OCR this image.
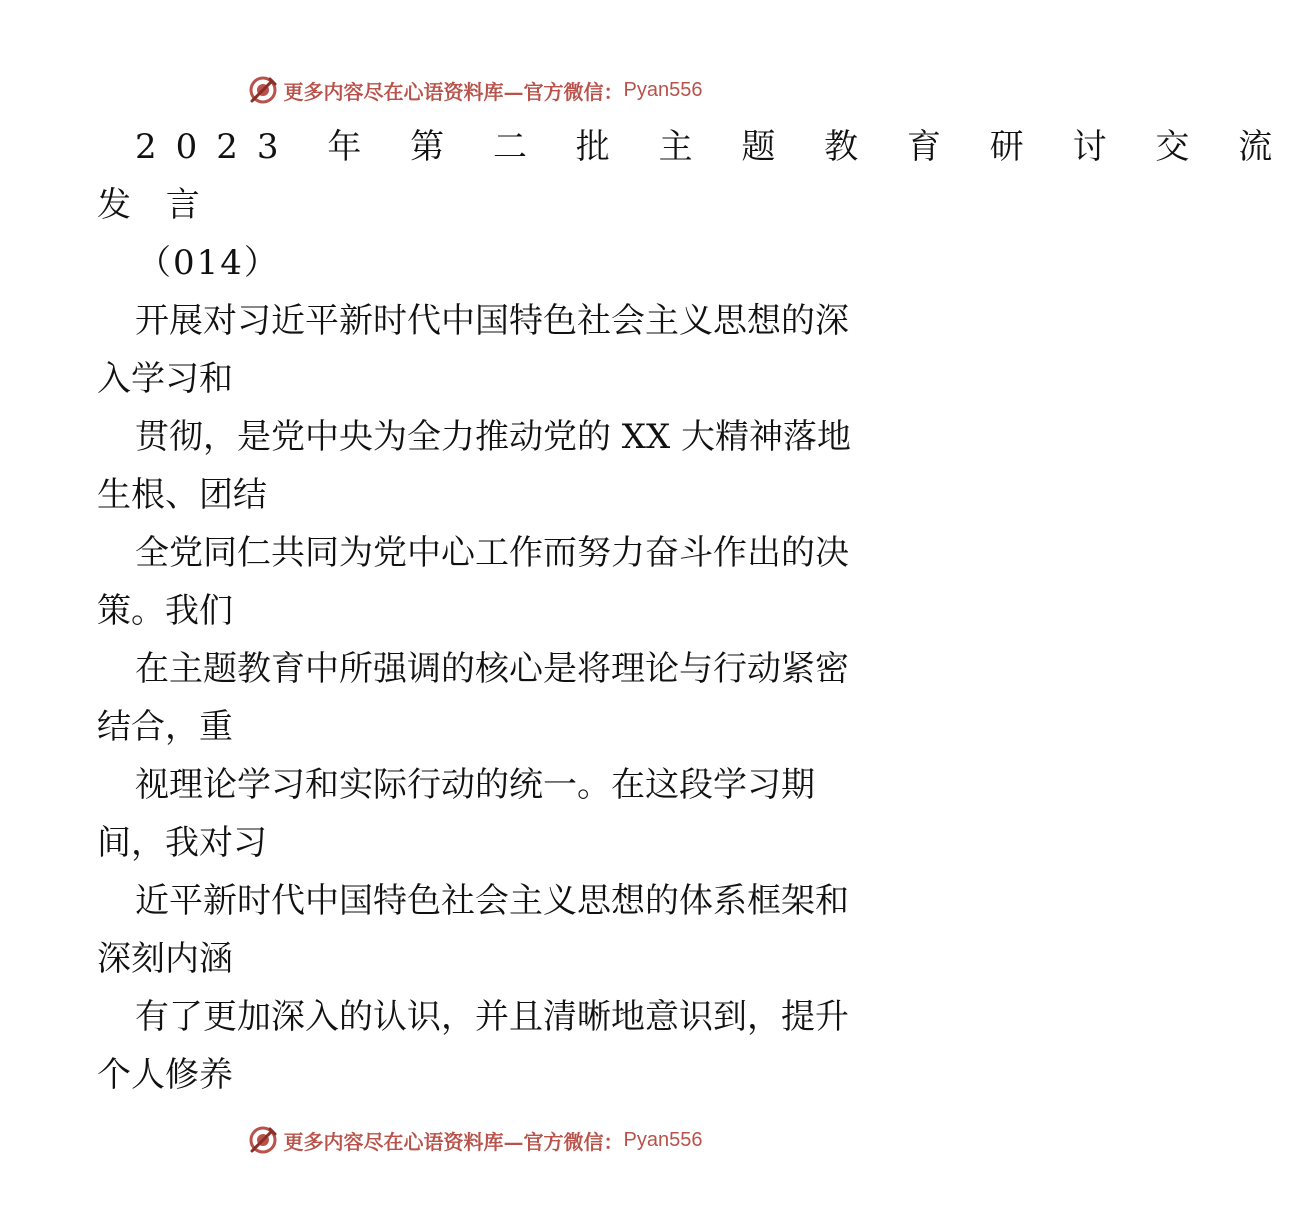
更多内容尽在心语资料库—官方微信： Pyan556
2023 年 第 二 批 主 题 教 育 研 讨 交 流
发 言
（014）
开展对习近平新时代中国特色社会主义思想的深
入学习和
贯彻，是党中央为全力推动党的 XX 大精神落地
生根、团结
全党同仁共同为党中心工作而努力奋斗作出的决
策。我们
在主题教育中所强调的核心是将理论与行动紧密
结合，重
视理论学习和实际行动的统一。在这段学习期
间，我对习
近平新时代中国特色社会主义思想的体系框架和
深刻内涵
有了更加深入的认识，并且清晰地意识到，提升
个人修养
更多内容尽在心语资料库—官方微信： Pyan556
